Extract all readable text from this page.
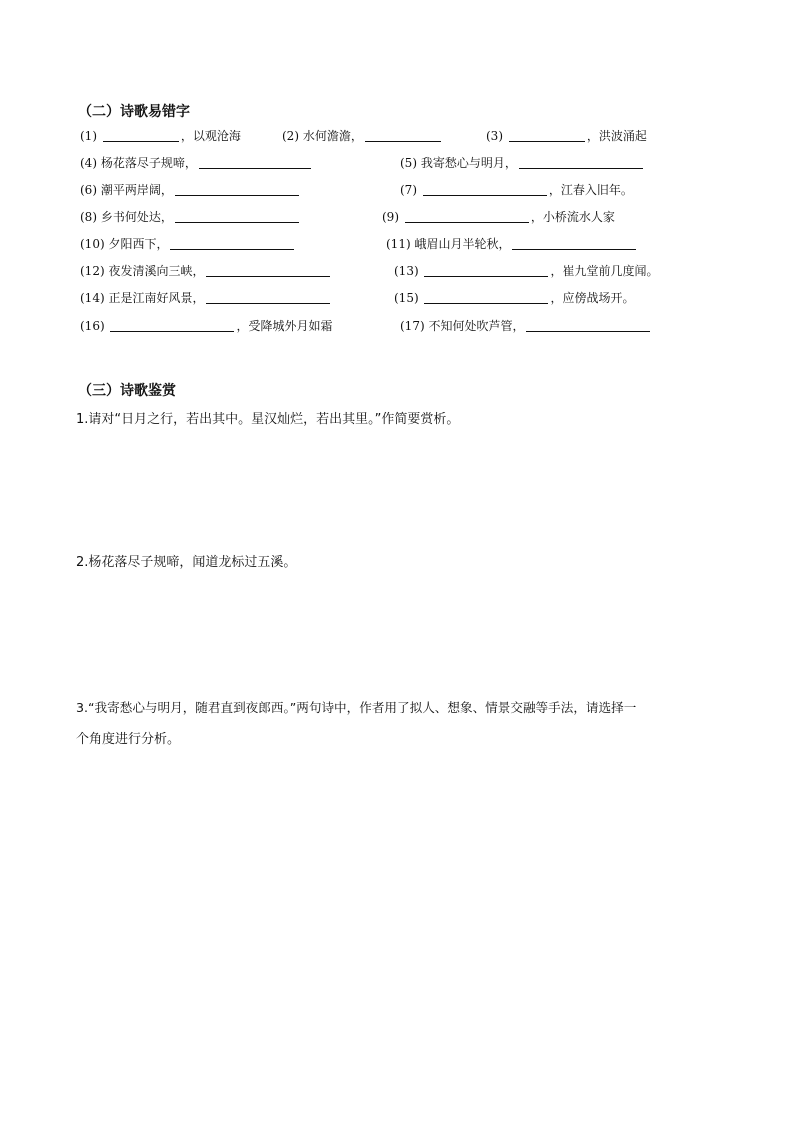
（二）诗歌易错字
(1)	，以观沧海	(2) 水何澹澹，	(3)	，洪波涌起
(4) 杨花落尽子规啼，	(5) 我寄愁心与明月，
(6) 潮平两岸阔，	(7)	，江春入旧年。
(8) 乡书何处达，	(9)	，小桥流水人家
(10) 夕阳西下，	(11) 峨眉山月半轮秋，
(12) 夜发清溪向三峡，	(13)	，崔九堂前几度闻。
(14) 正是江南好风景，	(15)	，应傍战场开。
(16)	，受降城外月如霜	(17) 不知何处吹芦管，
（三）诗歌鉴赏
1.请对“日月之行，若出其中。星汉灿烂，若出其里。”作简要赏析。
2.杨花落尽子规啼，闻道龙标过五溪。
3.“我寄愁心与明月，随君直到夜郎西。”两句诗中，作者用了拟人、想象、情景交融等手法，请选择一
个角度进行分析。
